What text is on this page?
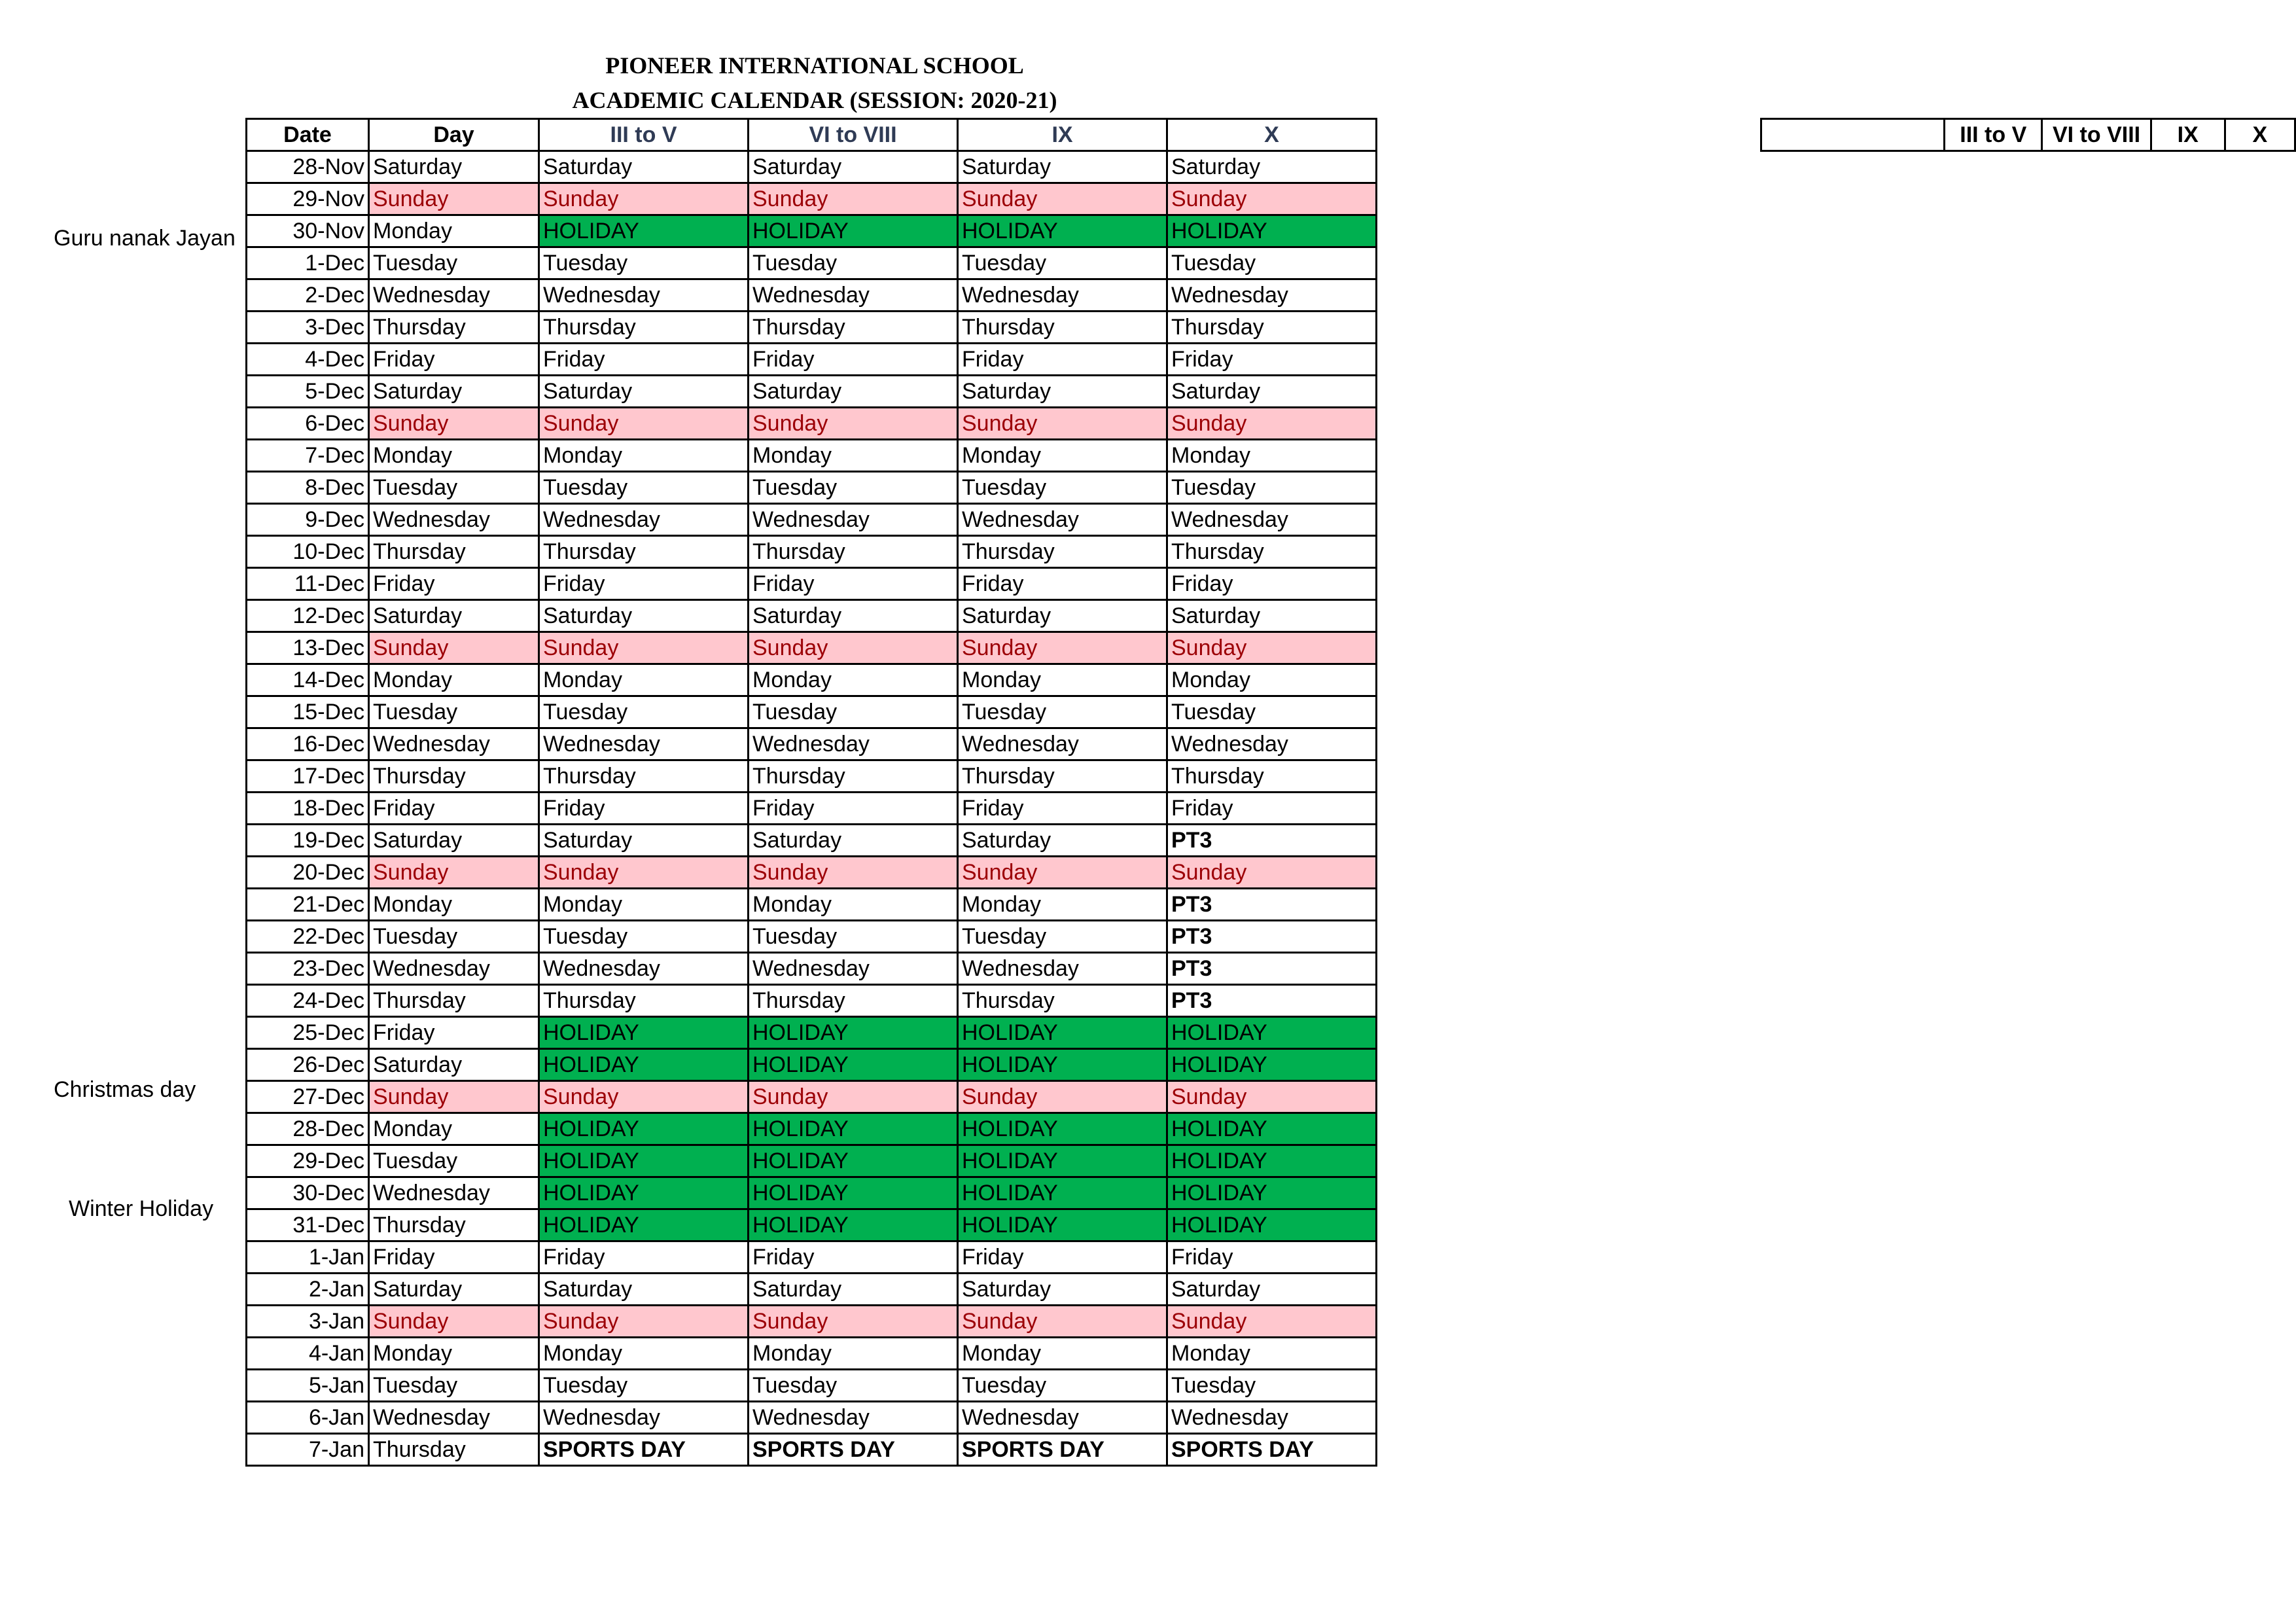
PIONEER INTERNATIONAL SCHOOL
ACADEMIC CALENDAR (SESSION: 2020-21)
Date	Day	III to V	VI to VIII	IX	X
28-Nov	Saturday	Saturday	Saturday	Saturday	Saturday
29-Nov	Sunday	Sunday	Sunday	Sunday	Sunday
30-Nov	Monday	HOLIDAY	HOLIDAY	HOLIDAY	HOLIDAY
1-Dec	Tuesday	Tuesday	Tuesday	Tuesday	Tuesday
2-Dec	Wednesday	Wednesday	Wednesday	Wednesday	Wednesday
3-Dec	Thursday	Thursday	Thursday	Thursday	Thursday
4-Dec	Friday	Friday	Friday	Friday	Friday
5-Dec	Saturday	Saturday	Saturday	Saturday	Saturday
6-Dec	Sunday	Sunday	Sunday	Sunday	Sunday
7-Dec	Monday	Monday	Monday	Monday	Monday
8-Dec	Tuesday	Tuesday	Tuesday	Tuesday	Tuesday
9-Dec	Wednesday	Wednesday	Wednesday	Wednesday	Wednesday
10-Dec	Thursday	Thursday	Thursday	Thursday	Thursday
11-Dec	Friday	Friday	Friday	Friday	Friday
12-Dec	Saturday	Saturday	Saturday	Saturday	Saturday
13-Dec	Sunday	Sunday	Sunday	Sunday	Sunday
14-Dec	Monday	Monday	Monday	Monday	Monday
15-Dec	Tuesday	Tuesday	Tuesday	Tuesday	Tuesday
16-Dec	Wednesday	Wednesday	Wednesday	Wednesday	Wednesday
17-Dec	Thursday	Thursday	Thursday	Thursday	Thursday
18-Dec	Friday	Friday	Friday	Friday	Friday
19-Dec	Saturday	Saturday	Saturday	Saturday	PT3
20-Dec	Sunday	Sunday	Sunday	Sunday	Sunday
21-Dec	Monday	Monday	Monday	Monday	PT3
22-Dec	Tuesday	Tuesday	Tuesday	Tuesday	PT3
23-Dec	Wednesday	Wednesday	Wednesday	Wednesday	PT3
24-Dec	Thursday	Thursday	Thursday	Thursday	PT3
25-Dec	Friday	HOLIDAY	HOLIDAY	HOLIDAY	HOLIDAY
26-Dec	Saturday	HOLIDAY	HOLIDAY	HOLIDAY	HOLIDAY
27-Dec	Sunday	Sunday	Sunday	Sunday	Sunday
28-Dec	Monday	HOLIDAY	HOLIDAY	HOLIDAY	HOLIDAY
29-Dec	Tuesday	HOLIDAY	HOLIDAY	HOLIDAY	HOLIDAY
30-Dec	Wednesday	HOLIDAY	HOLIDAY	HOLIDAY	HOLIDAY
31-Dec	Thursday	HOLIDAY	HOLIDAY	HOLIDAY	HOLIDAY
1-Jan	Friday	Friday	Friday	Friday	Friday
2-Jan	Saturday	Saturday	Saturday	Saturday	Saturday
3-Jan	Sunday	Sunday	Sunday	Sunday	Sunday
4-Jan	Monday	Monday	Monday	Monday	Monday
5-Jan	Tuesday	Tuesday	Tuesday	Tuesday	Tuesday
6-Jan	Wednesday	Wednesday	Wednesday	Wednesday	Wednesday
7-Jan	Thursday	SPORTS DAY	SPORTS DAY	SPORTS DAY	SPORTS DAY
	III to V	VI to VIII	IX	X
Guru nanak Jayan
Christmas day
Winter Holiday
